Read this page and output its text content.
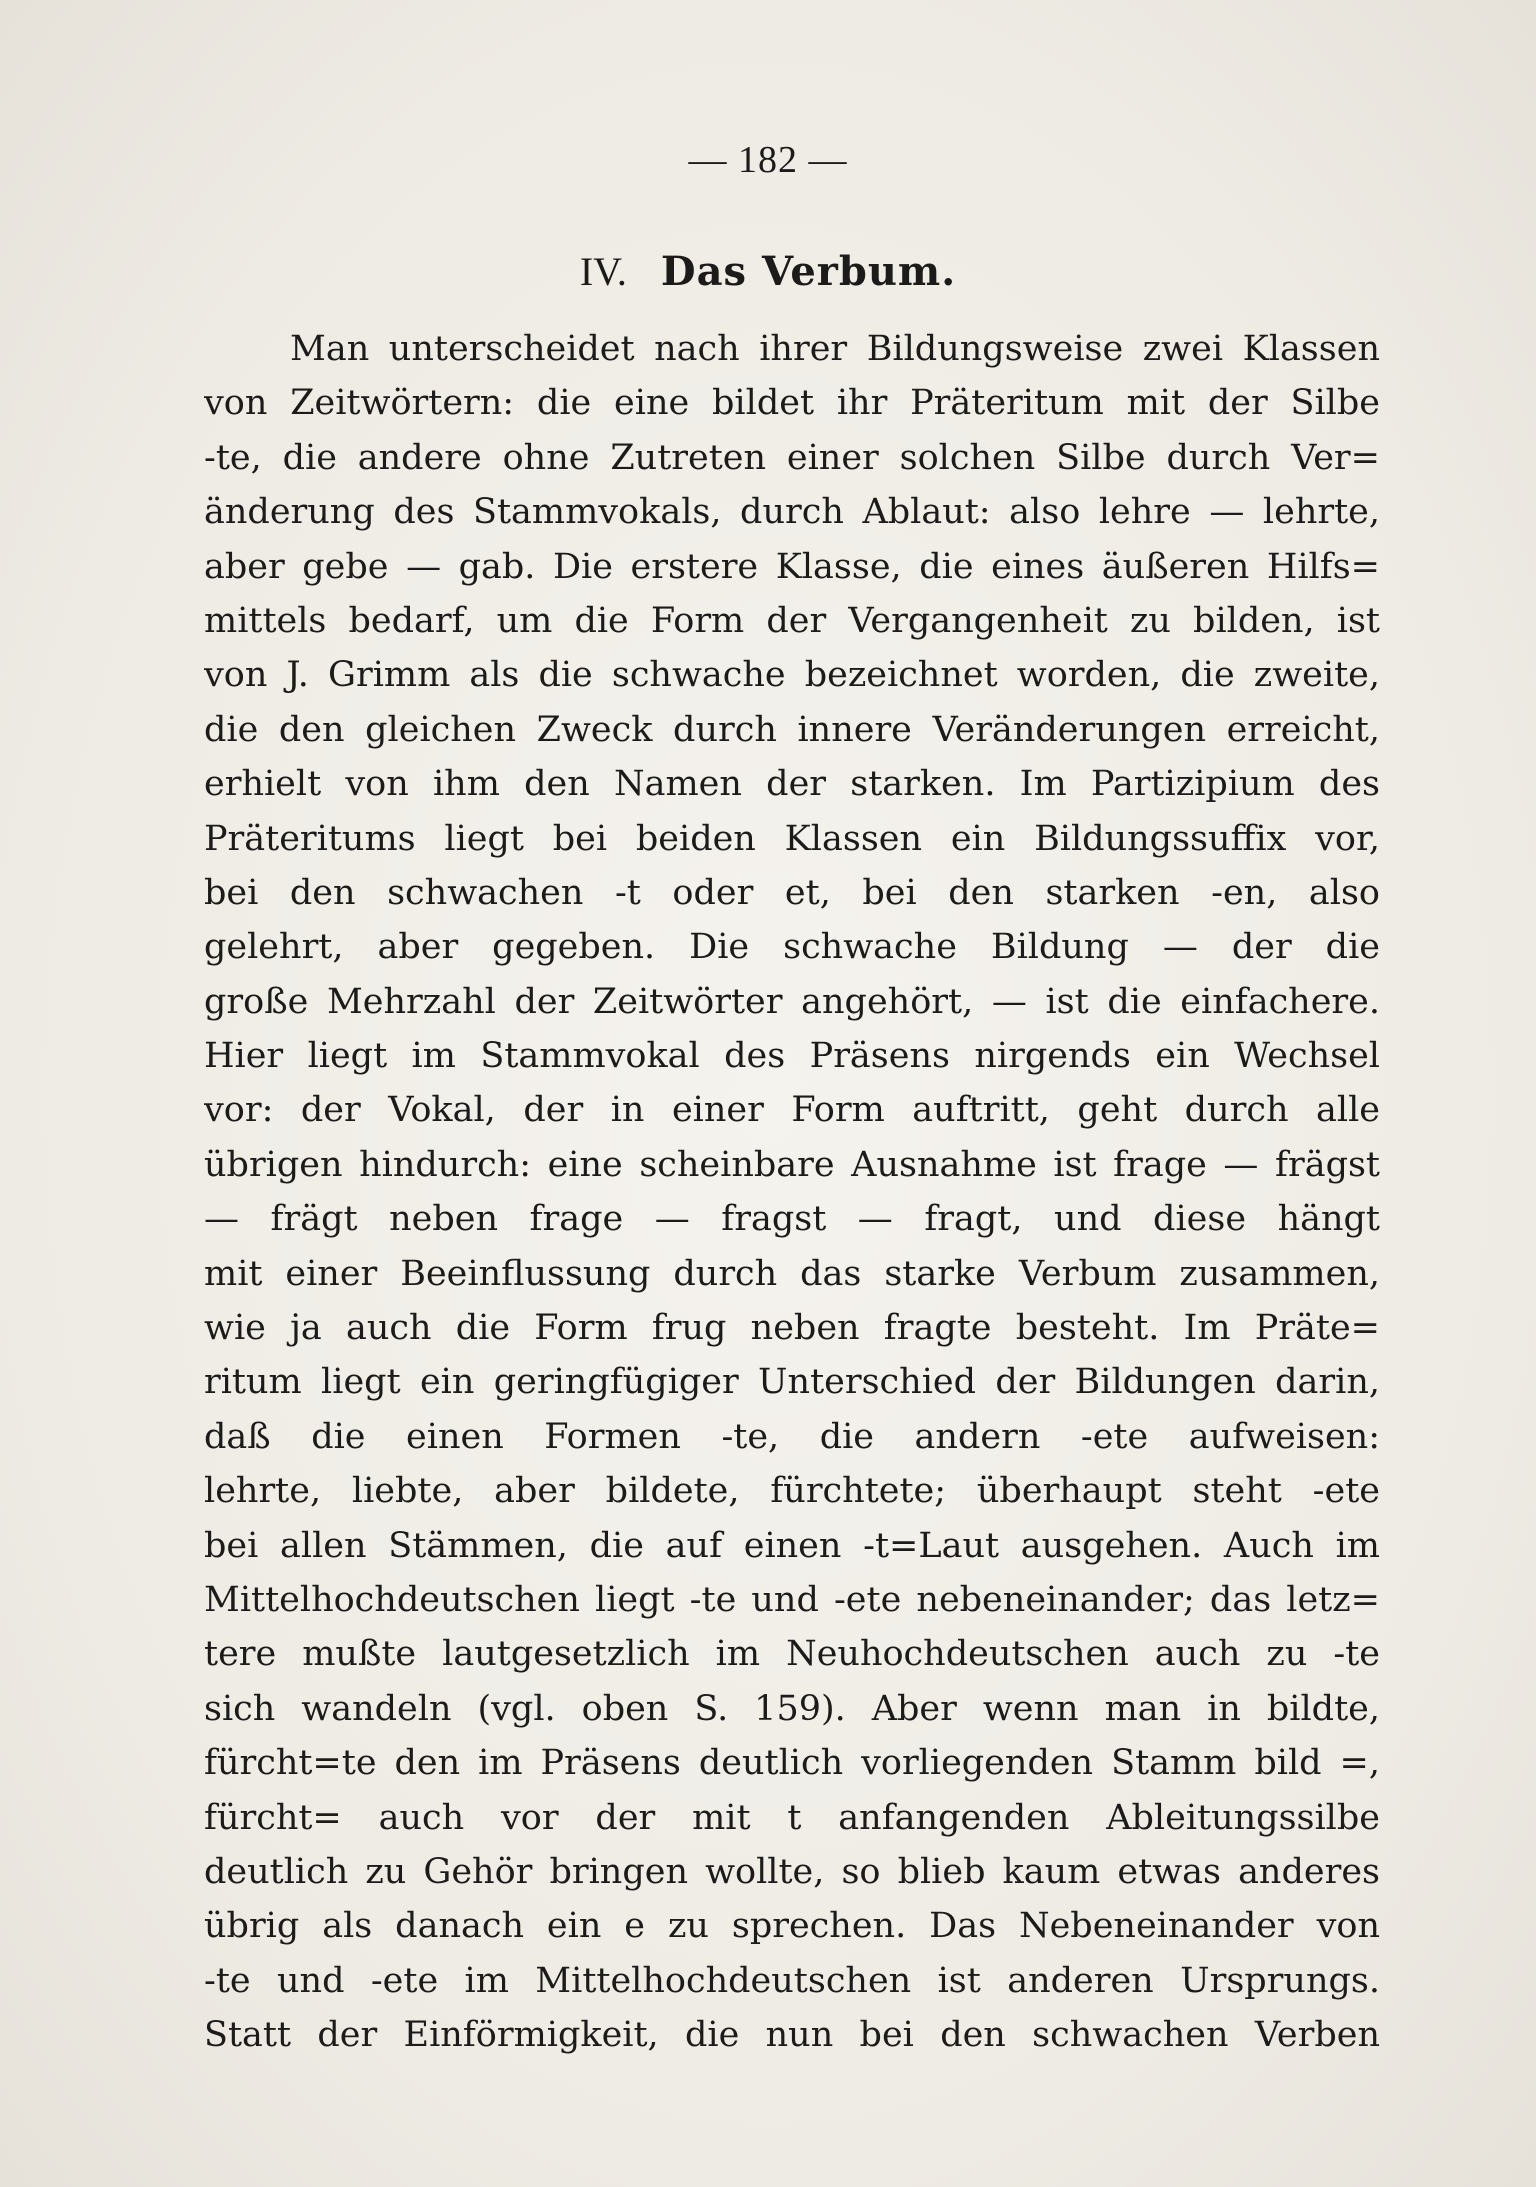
— 182 —
IV. Das Verbum.
Man unterscheidet nach ihrer Bildungsweise zwei Klassen
von Zeitwörtern: die eine bildet ihr Präteritum mit der Silbe
-te, die andere ohne Zutreten einer solchen Silbe durch Ver=
änderung des Stammvokals, durch Ablaut: also lehre — lehrte,
aber gebe — gab. Die erstere Klasse, die eines äußeren Hilfs=
mittels bedarf, um die Form der Vergangenheit zu bilden, ist
von J. Grimm als die schwache bezeichnet worden, die zweite,
die den gleichen Zweck durch innere Veränderungen erreicht,
erhielt von ihm den Namen der starken. Im Partizipium des
Präteritums liegt bei beiden Klassen ein Bildungssuffix vor,
bei den schwachen -t oder et, bei den starken -en, also
gelehrt, aber gegeben. Die schwache Bildung — der die
große Mehrzahl der Zeitwörter angehört, — ist die einfachere.
Hier liegt im Stammvokal des Präsens nirgends ein Wechsel
vor: der Vokal, der in einer Form auftritt, geht durch alle
übrigen hindurch: eine scheinbare Ausnahme ist frage — frägst
— frägt neben frage — fragst — fragt, und diese hängt
mit einer Beeinflussung durch das starke Verbum zusammen,
wie ja auch die Form frug neben fragte besteht. Im Präte=
ritum liegt ein geringfügiger Unterschied der Bildungen darin,
daß die einen Formen -te, die andern -ete aufweisen:
lehrte, liebte, aber bildete, fürchtete; überhaupt steht -ete
bei allen Stämmen, die auf einen -t=Laut ausgehen. Auch im
Mittelhochdeutschen liegt -te und -ete nebeneinander; das letz=
tere mußte lautgesetzlich im Neuhochdeutschen auch zu -te
sich wandeln (vgl. oben S. 159). Aber wenn man in bildte,
fürcht=te den im Präsens deutlich vorliegenden Stamm bild =,
fürcht= auch vor der mit t anfangenden Ableitungssilbe
deutlich zu Gehör bringen wollte, so blieb kaum etwas anderes
übrig als danach ein e zu sprechen. Das Nebeneinander von
-te und -ete im Mittelhochdeutschen ist anderen Ursprungs.
Statt der Einförmigkeit, die nun bei den schwachen Verben
